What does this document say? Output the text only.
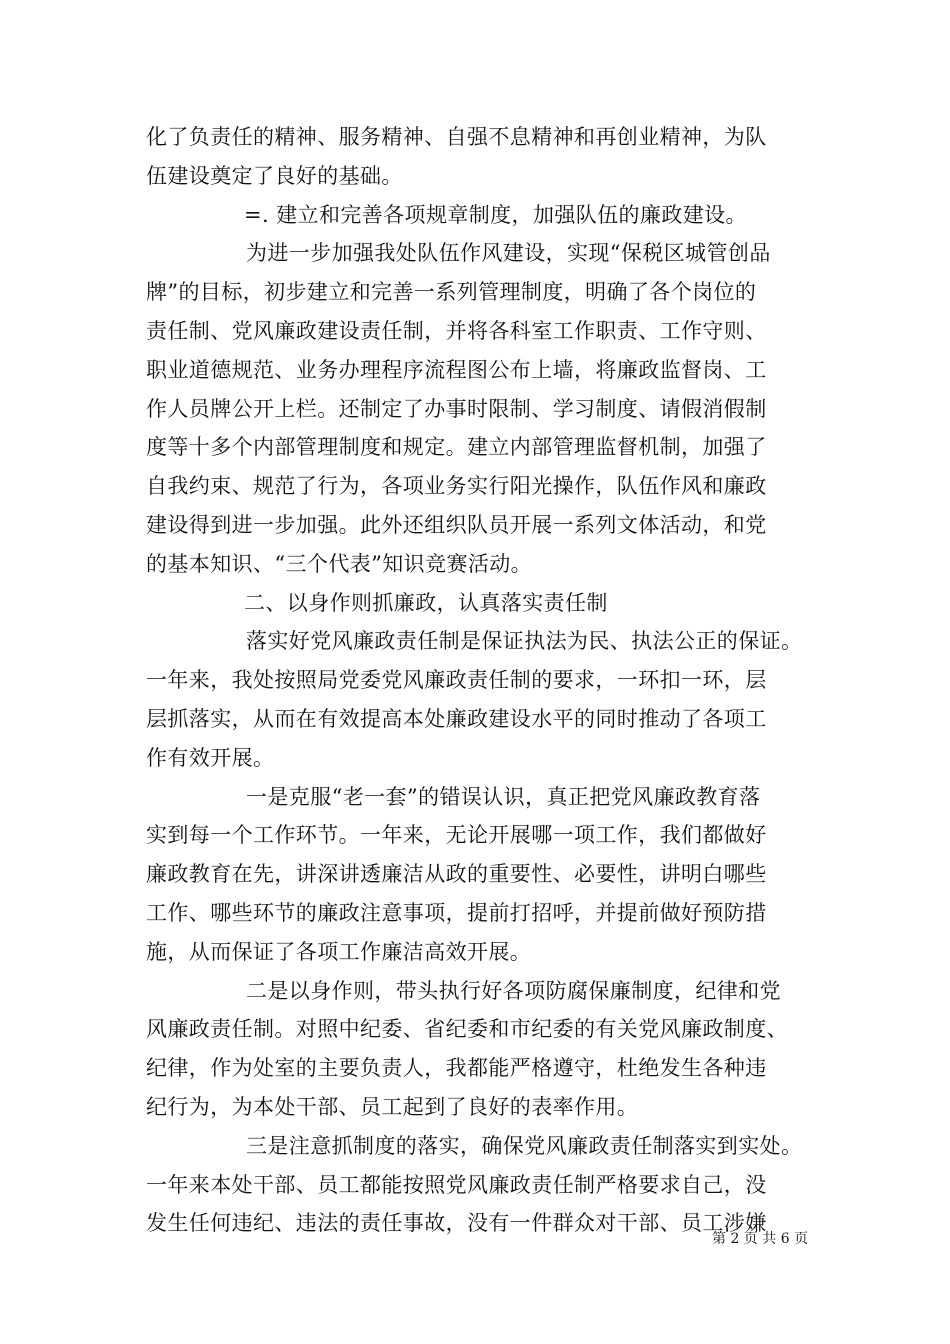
化了负责任的精神、服务精神、自强不息精神和再创业精神，为队
伍建设奠定了良好的基础。
=. 建立和完善各项规章制度，加强队伍的廉政建设。
为进一步加强我处队伍作风建设，实现“保税区城管创品
牌”的目标，初步建立和完善一系列管理制度，明确了各个岗位的
责任制、党风廉政建设责任制，并将各科室工作职责、工作守则、
职业道德规范、业务办理程序流程图公布上墙，将廉政监督岗、工
作人员牌公开上栏。还制定了办事时限制、学习制度、请假消假制
度等十多个内部管理制度和规定。建立内部管理监督机制，加强了
自我约束、规范了行为，各项业务实行阳光操作，队伍作风和廉政
建设得到进一步加强。此外还组织队员开展一系列文体活动，和党
的基本知识、“三个代表”知识竞赛活动。
二、以身作则抓廉政，认真落实责任制
落实好党风廉政责任制是保证执法为民、执法公正的保证。
一年来，我处按照局党委党风廉政责任制的要求，一环扣一环，层
层抓落实，从而在有效提高本处廉政建设水平的同时推动了各项工
作有效开展。
一是克服“老一套”的错误认识，真正把党风廉政教育落
实到每一个工作环节。一年来，无论开展哪一项工作，我们都做好
廉政教育在先，讲深讲透廉洁从政的重要性、必要性，讲明白哪些
工作、哪些环节的廉政注意事项，提前打招呼，并提前做好预防措
施，从而保证了各项工作廉洁高效开展。
二是以身作则，带头执行好各项防腐保廉制度，纪律和党
风廉政责任制。对照中纪委、省纪委和市纪委的有关党风廉政制度、
纪律，作为处室的主要负责人，我都能严格遵守，杜绝发生各种违
纪行为，为本处干部、员工起到了良好的表率作用。
三是注意抓制度的落实，确保党风廉政责任制落实到实处。
一年来本处干部、员工都能按照党风廉政责任制严格要求自己，没
发生任何违纪、违法的责任事故，没有一件群众对干部、员工涉嫌
第 2 页 共 6 页
